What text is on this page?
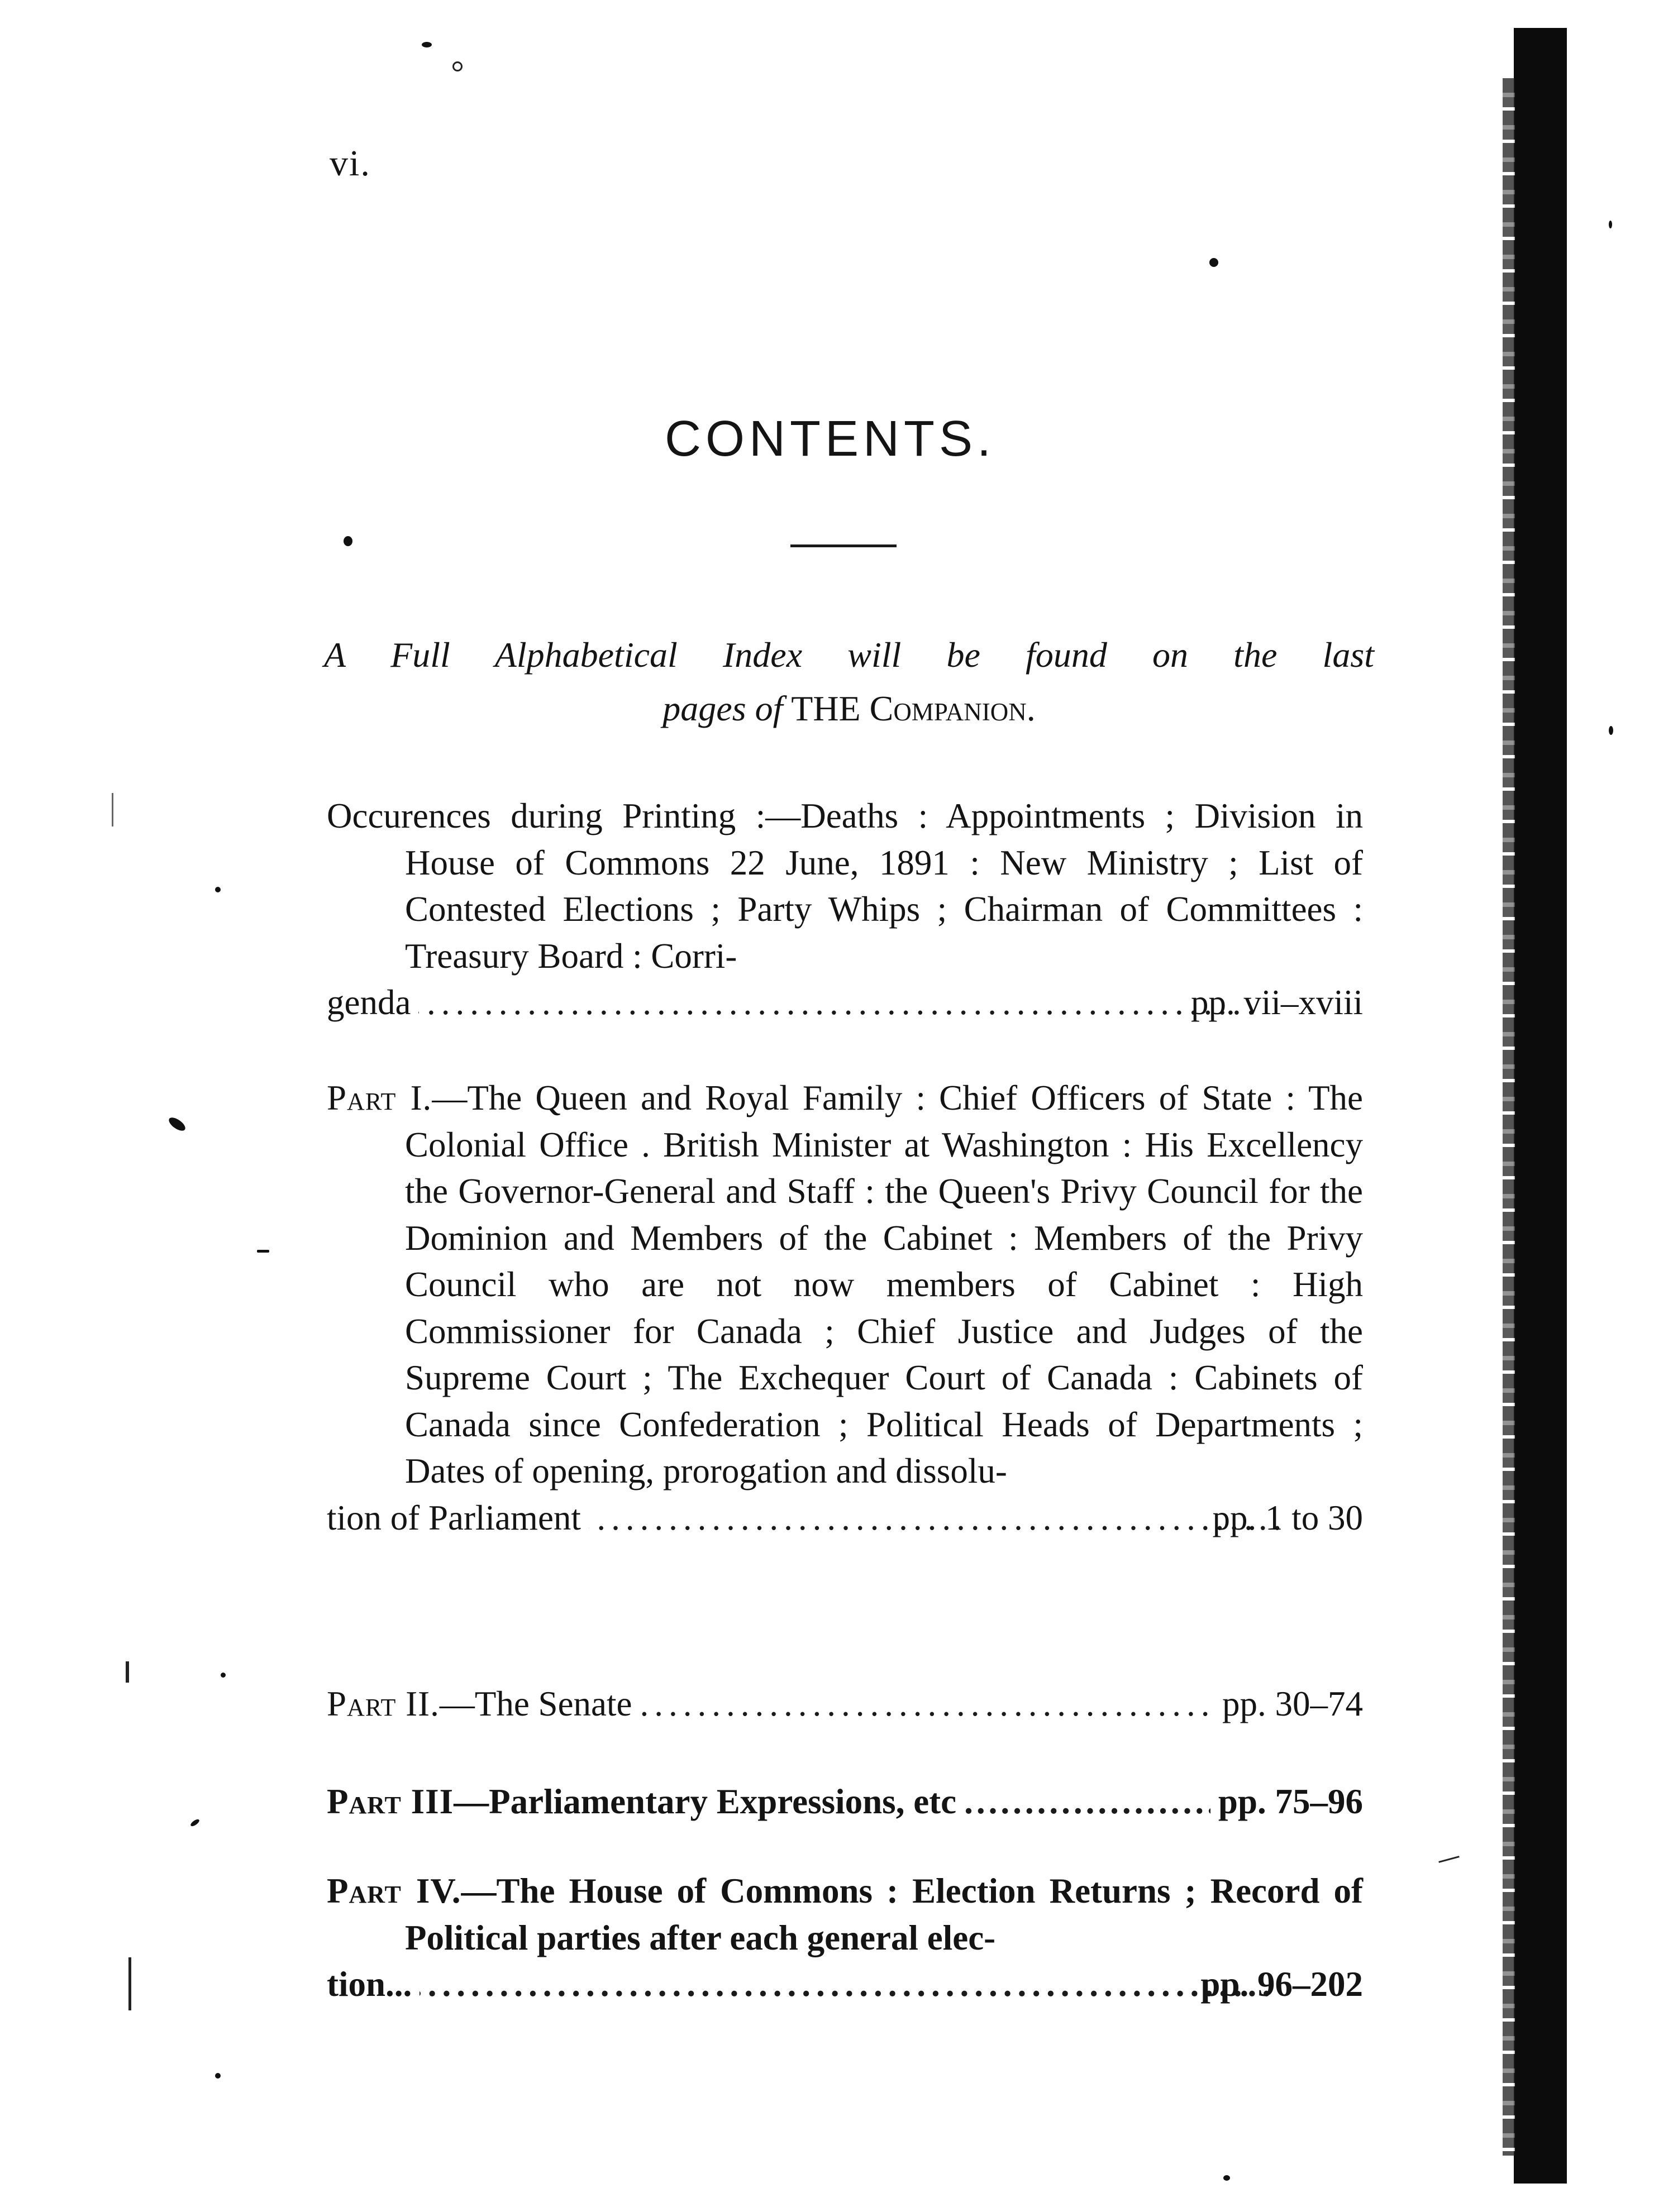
vi.
CONTENTS.
A Full Alphabetical Index will be found on the last
pages of THE Companion.

Occurences during Printing :—Deaths : Appointments ; Division in House of Commons 22 June, 1891 : New Ministry ; List of Contested Elections ; Party Whips ; Chairman of Committees : Treasury Board : Corri-

genda .....	pp. vii–xviii

Part I.—The Queen and Royal Family : Chief Officers of State : The Colonial Office . British Minister at Washington : His Excellency the Governor-General and Staff : the Queen's Privy Council for the Dominion and Members of the Cabinet : Members of the Privy Council who are not now members of Cabinet : High Commissioner for Canada ; Chief Justice and Judges of the Supreme Court ; The Exchequer Court of Canada : Cabinets of Canada since Confederation ; Political Heads of Departments ; Dates of opening, prorogation and dissolu-

tion of Parliament .....	pp. 1 to 30
Part II. —The Senate .....	pp. 30–74
Part III —Parliamentary Expressions, etc .....	pp. 75–96

Part IV.—The House of Commons : Election Returns ; Record of Political parties after each general elec-

tion... .....	pp. 96–202
